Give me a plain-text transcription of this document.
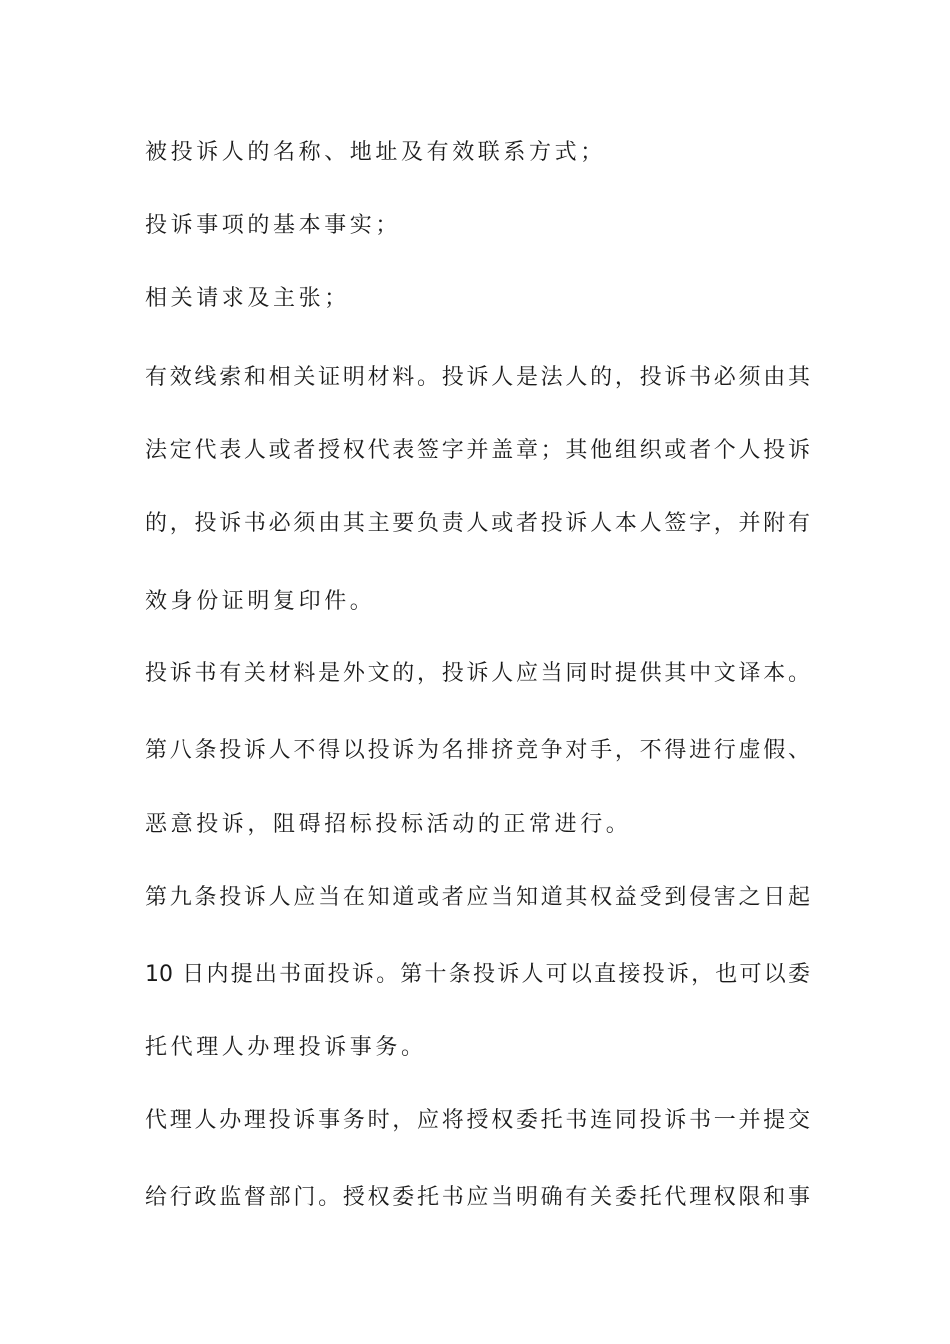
被投诉人的名称、地址及有效联系方式；
投诉事项的基本事实；
相关请求及主张；
有效线索和相关证明材料。投诉人是法人的，投诉书必须由其
法定代表人或者授权代表签字并盖章；其他组织或者个人投诉
的，投诉书必须由其主要负责人或者投诉人本人签字，并附有
效身份证明复印件。
投诉书有关材料是外文的，投诉人应当同时提供其中文译本。
第八条投诉人不得以投诉为名排挤竞争对手，不得进行虚假、
恶意投诉，阻碍招标投标活动的正常进行。
第九条投诉人应当在知道或者应当知道其权益受到侵害之日起
10 日内提出书面投诉。第十条投诉人可以直接投诉，也可以委
托代理人办理投诉事务。
代理人办理投诉事务时，应将授权委托书连同投诉书一并提交
给行政监督部门。授权委托书应当明确有关委托代理权限和事
